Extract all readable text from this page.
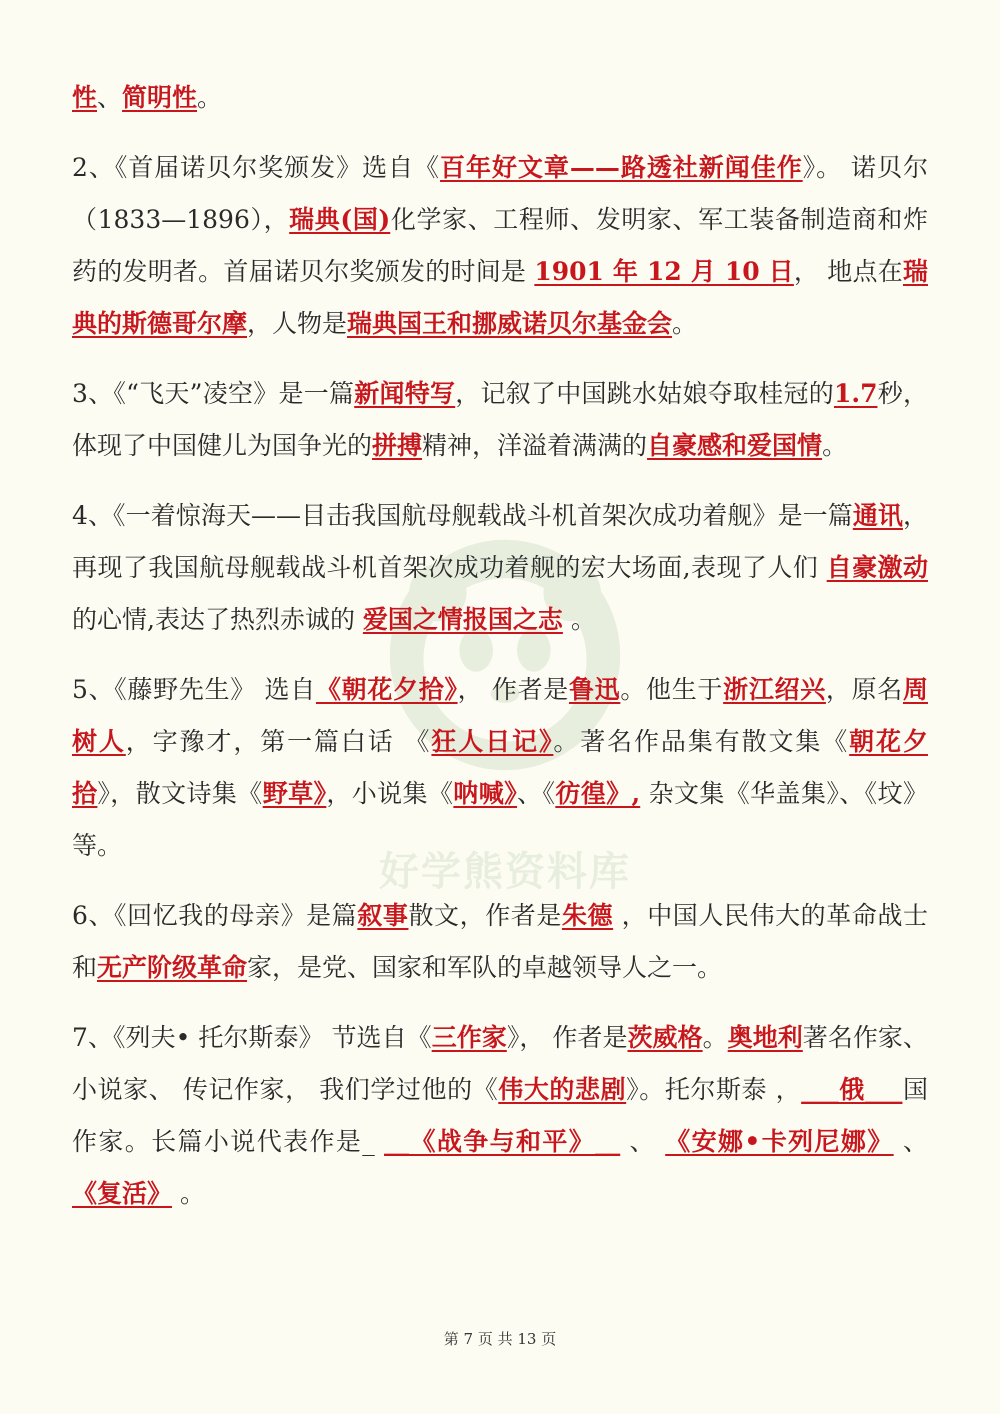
好学熊资料库

性、简明性。

2、《首届诺贝尔奖颁发》选自《百年好文章——路透社新闻佳作》。 诺贝尔（1833—1896），瑞典(国)化学家、工程师、发明家、军工装备制造商和炸药的发明者。首届诺贝尔奖颁发的时间是 1901 年 12 月 10 日， 地点在瑞典的斯德哥尔摩，人物是瑞典国王和挪威诺贝尔基金会。

3、《“飞天”凌空》是一篇新闻特写，记叙了中国跳水姑娘夺取桂冠的1.7秒，体现了中国健儿为国争光的拼搏精神，洋溢着满满的自豪感和爱国情。

4、《一着惊海天——目击我国航母舰载战斗机首架次成功着舰》是一篇通讯，再现了我国航母舰载战斗机首架次成功着舰的宏大场面,表现了人们 自豪激动 的心情,表达了热烈赤诚的 爱国之情报国之志 。

5、《藤野先生》 选自《朝花夕拾》， 作者是鲁迅。他生于浙江绍兴，原名周树人，字豫才，第一篇白话 《狂人日记》。著名作品集有散文集《朝花夕拾》，散文诗集《野草》，小说集《呐喊》、《彷徨》, 杂文集《华盖集》、《坟》等。

6、《回忆我的母亲》是篇叙事散文，作者是朱德 ，中国人民伟大的革命战士和无产阶级革命家，是党、国家和军队的卓越领导人之一。

7、《列夫• 托尔斯泰》 节选自《三作家》， 作者是茨威格。奥地利著名作家、 小说家、 传记作家， 我们学过他的《伟大的悲剧》。托尔斯泰 ，___俄___国作家。长篇小说代表作是_ __《战争与和平》__ 、 《安娜•卡列尼娜》 、 《复活》 。

第 7 页 共 13 页
